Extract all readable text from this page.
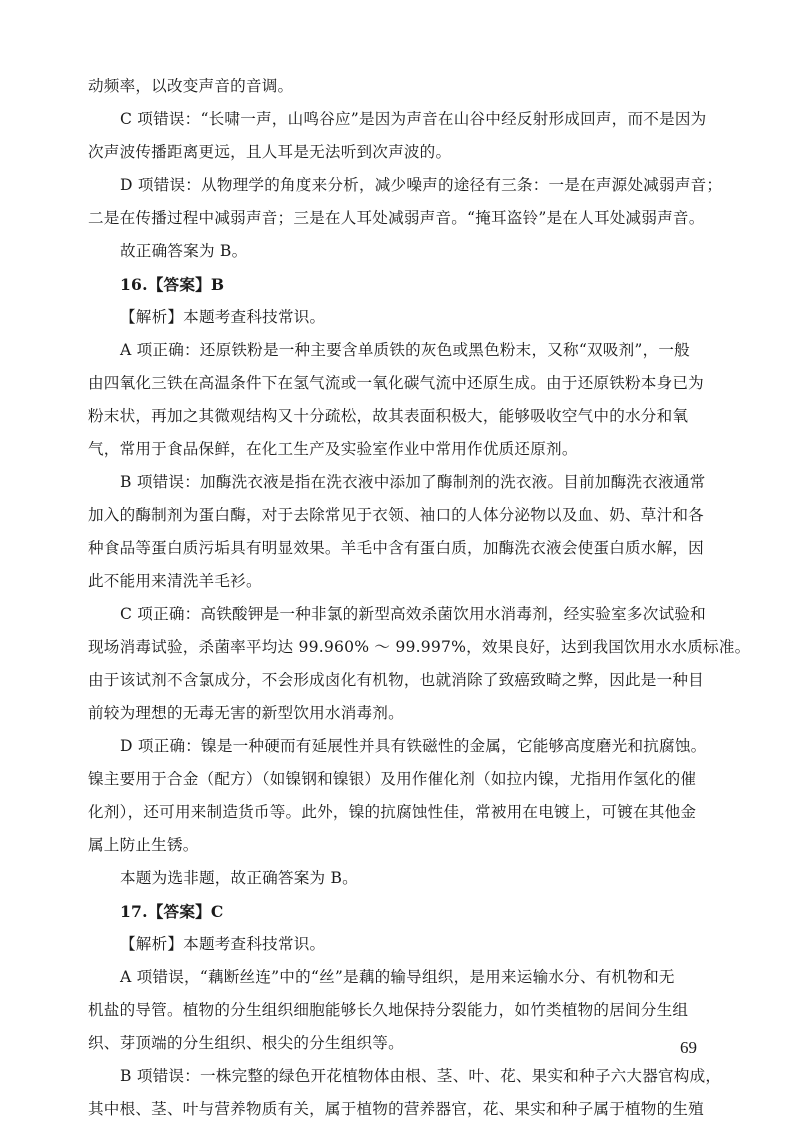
动频率，以改变声音的音调。
C 项错误：“长啸一声，山鸣谷应”是因为声音在山谷中经反射形成回声，而不是因为
次声波传播距离更远，且人耳是无法听到次声波的。
D 项错误：从物理学的角度来分析，减少噪声的途径有三条：一是在声源处减弱声音；
二是在传播过程中减弱声音；三是在人耳处减弱声音。“掩耳盗铃”是在人耳处减弱声音。
故正确答案为 B。
16.【答案】B
【解析】本题考查科技常识。
A 项正确：还原铁粉是一种主要含单质铁的灰色或黑色粉末，又称“双吸剂”，一般
由四氧化三铁在高温条件下在氢气流或一氧化碳气流中还原生成。由于还原铁粉本身已为
粉末状，再加之其微观结构又十分疏松，故其表面积极大，能够吸收空气中的水分和氧
气，常用于食品保鲜，在化工生产及实验室作业中常用作优质还原剂。
B 项错误：加酶洗衣液是指在洗衣液中添加了酶制剂的洗衣液。目前加酶洗衣液通常
加入的酶制剂为蛋白酶，对于去除常见于衣领、袖口的人体分泌物以及血、奶、草汁和各
种食品等蛋白质污垢具有明显效果。羊毛中含有蛋白质，加酶洗衣液会使蛋白质水解，因
此不能用来清洗羊毛衫。
C 项正确：高铁酸钾是一种非氯的新型高效杀菌饮用水消毒剂，经实验室多次试验和
现场消毒试验，杀菌率平均达 99.960% ～ 99.997%，效果良好，达到我国饮用水水质标准。
由于该试剂不含氯成分，不会形成卤化有机物，也就消除了致癌致畸之弊，因此是一种目
前较为理想的无毒无害的新型饮用水消毒剂。
D 项正确：镍是一种硬而有延展性并具有铁磁性的金属，它能够高度磨光和抗腐蚀。
镍主要用于合金（配方）（如镍钢和镍银）及用作催化剂（如拉内镍，尤指用作氢化的催
化剂），还可用来制造货币等。此外，镍的抗腐蚀性佳，常被用在电镀上，可镀在其他金
属上防止生锈。
本题为选非题，故正确答案为 B。
17.【答案】C
【解析】本题考查科技常识。
A 项错误，“藕断丝连”中的“丝”是藕的输导组织，是用来运输水分、有机物和无
机盐的导管。植物的分生组织细胞能够长久地保持分裂能力，如竹类植物的居间分生组
织、芽顶端的分生组织、根尖的分生组织等。
B 项错误：一株完整的绿色开花植物体由根、茎、叶、花、果实和种子六大器官构成，
其中根、茎、叶与营养物质有关，属于植物的营养器官，花、果实和种子属于植物的生殖
69
